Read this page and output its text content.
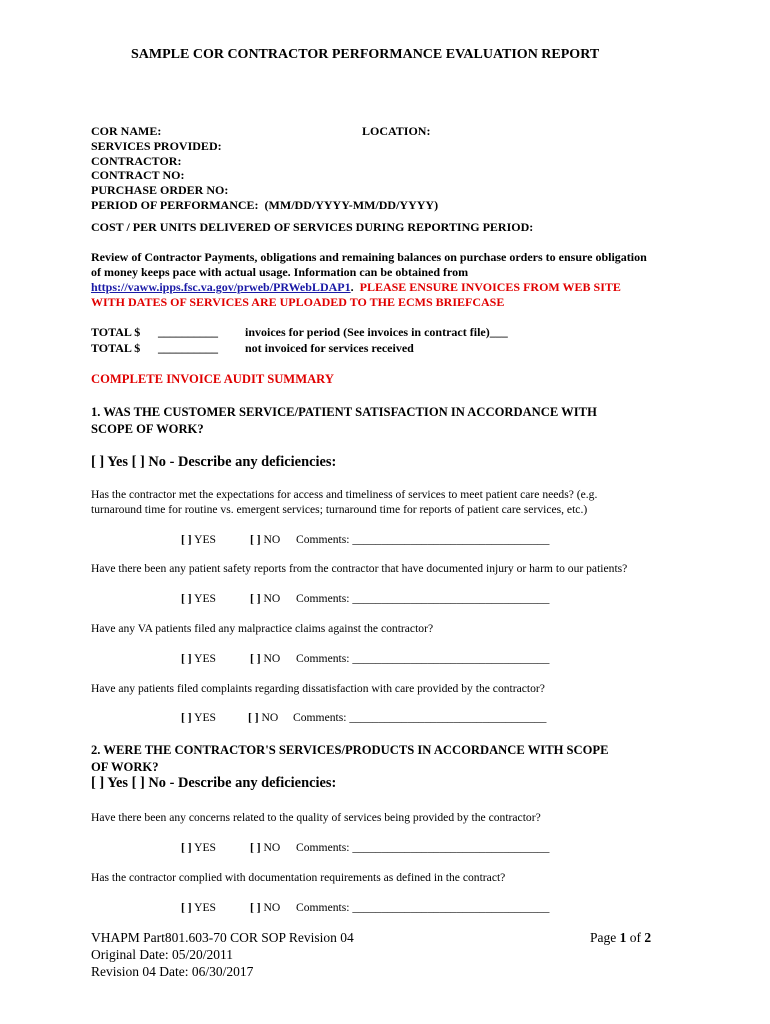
SAMPLE COR CONTRACTOR PERFORMANCE EVALUATION REPORT
COR NAME:	LOCATION:
SERVICES PROVIDED:
CONTRACTOR:
CONTRACT NO:
PURCHASE ORDER NO:
PERIOD OF PERFORMANCE:  (MM/DD/YYYY-MM/DD/YYYY)
COST / PER UNITS DELIVERED OF SERVICES DURING REPORTING PERIOD:
Review of Contractor Payments, obligations and remaining balances on purchase orders to ensure obligation
of money keeps pace with actual usage. Information can be obtained from
https://vaww.ipps.fsc.va.gov/prweb/PRWebLDAP1. PLEASE ENSURE INVOICES FROM WEB SITE
WITH DATES OF SERVICES ARE UPLOADED TO THE ECMS BRIEFCASE
TOTAL $ __________ invoices for period (See invoices in contract file)___
TOTAL $ __________ not invoiced for services received
COMPLETE INVOICE AUDIT SUMMARY
1. WAS THE CUSTOMER SERVICE/PATIENT SATISFACTION IN ACCORDANCE WITH
SCOPE OF WORK?
[ ] Yes [ ] No - Describe any deficiencies:
Has the contractor met the expectations for access and timeliness of services to meet patient care needs? (e.g.
turnaround time for routine vs. emergent services; turnaround time for reports of patient care services, etc.)
[ ] YES	[ ] NO Comments: __________________________________
Have there been any patient safety reports from the contractor that have documented injury or harm to our patients?
[ ] YES	[ ] NO Comments: __________________________________
Have any VA patients filed any malpractice claims against the contractor?
[ ] YES	[ ] NO Comments: __________________________________
Have any patients filed complaints regarding dissatisfaction with care provided by the contractor?
[ ] YES	[ ] NO Comments: __________________________________
2. WERE THE CONTRACTOR'S SERVICES/PRODUCTS IN ACCORDANCE WITH SCOPE
OF WORK?
[ ] Yes [ ] No - Describe any deficiencies:
Have there been any concerns related to the quality of services being provided by the contractor?
[ ] YES	[ ] NO Comments: __________________________________
Has the contractor complied with documentation requirements as defined in the contract?
[ ] YES	[ ] NO Comments: __________________________________
VHAPM Part801.603-70 COR SOP Revision 04
Original Date: 05/20/2011
Revision 04 Date: 06/30/2017
Page 1 of 2
